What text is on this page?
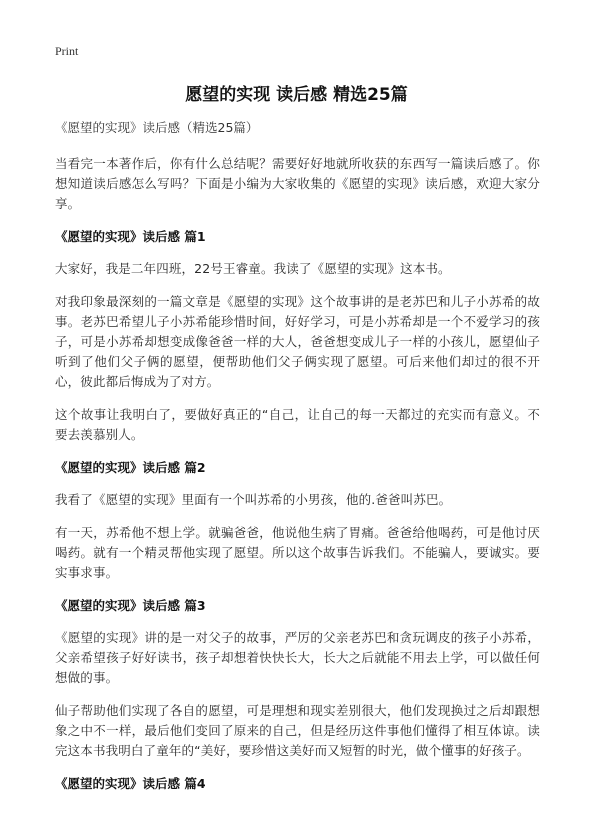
Print
愿望的实现 读后感 精选25篇
《愿望的实现》读后感（精选25篇）

当看完一本著作后，你有什么总结呢？需要好好地就所收获的东西写一篇读后感了。你想知道读后感怎么写吗？下面是小编为大家收集的《愿望的实现》读后感，欢迎大家分享。

《愿望的实现》读后感 篇1

大家好，我是二年四班，22号王睿童。我读了《愿望的实现》这本书。

对我印象最深刻的一篇文章是《愿望的实现》这个故事讲的是老苏巴和儿子小苏希的故事。老苏巴希望儿子小苏希能珍惜时间，好好学习，可是小苏希却是一个不爱学习的孩子，可是小苏希却想变成像爸爸一样的大人，爸爸想变成儿子一样的小孩儿，愿望仙子听到了他们父子俩的愿望，便帮助他们父子俩实现了愿望。可后来他们却过的很不开心，彼此都后悔成为了对方。

这个故事让我明白了，要做好真正的“自己，让自己的每一天都过的充实而有意义。不要去羡慕别人。

《愿望的实现》读后感 篇2

我看了《愿望的实现》里面有一个叫苏希的小男孩，他的.爸爸叫苏巴。

有一天，苏希他不想上学。就骗爸爸，他说他生病了胃痛。爸爸给他喝药，可是他讨厌喝药。就有一个精灵帮他实现了愿望。所以这个故事告诉我们。不能骗人，要诚实。要实事求事。

《愿望的实现》读后感 篇3

《愿望的实现》讲的是一对父子的故事，严厉的父亲老苏巴和贪玩调皮的孩子小苏希，父亲希望孩子好好读书，孩子却想着快快长大，长大之后就能不用去上学，可以做任何想做的事。

仙子帮助他们实现了各自的愿望，可是理想和现实差别很大，他们发现换过之后却跟想象之中不一样，最后他们变回了原来的自己，但是经历这件事他们懂得了相互体谅。读完这本书我明白了童年的“美好，要珍惜这美好而又短暂的时光，做个懂事的好孩子。

《愿望的实现》读后感 篇4
